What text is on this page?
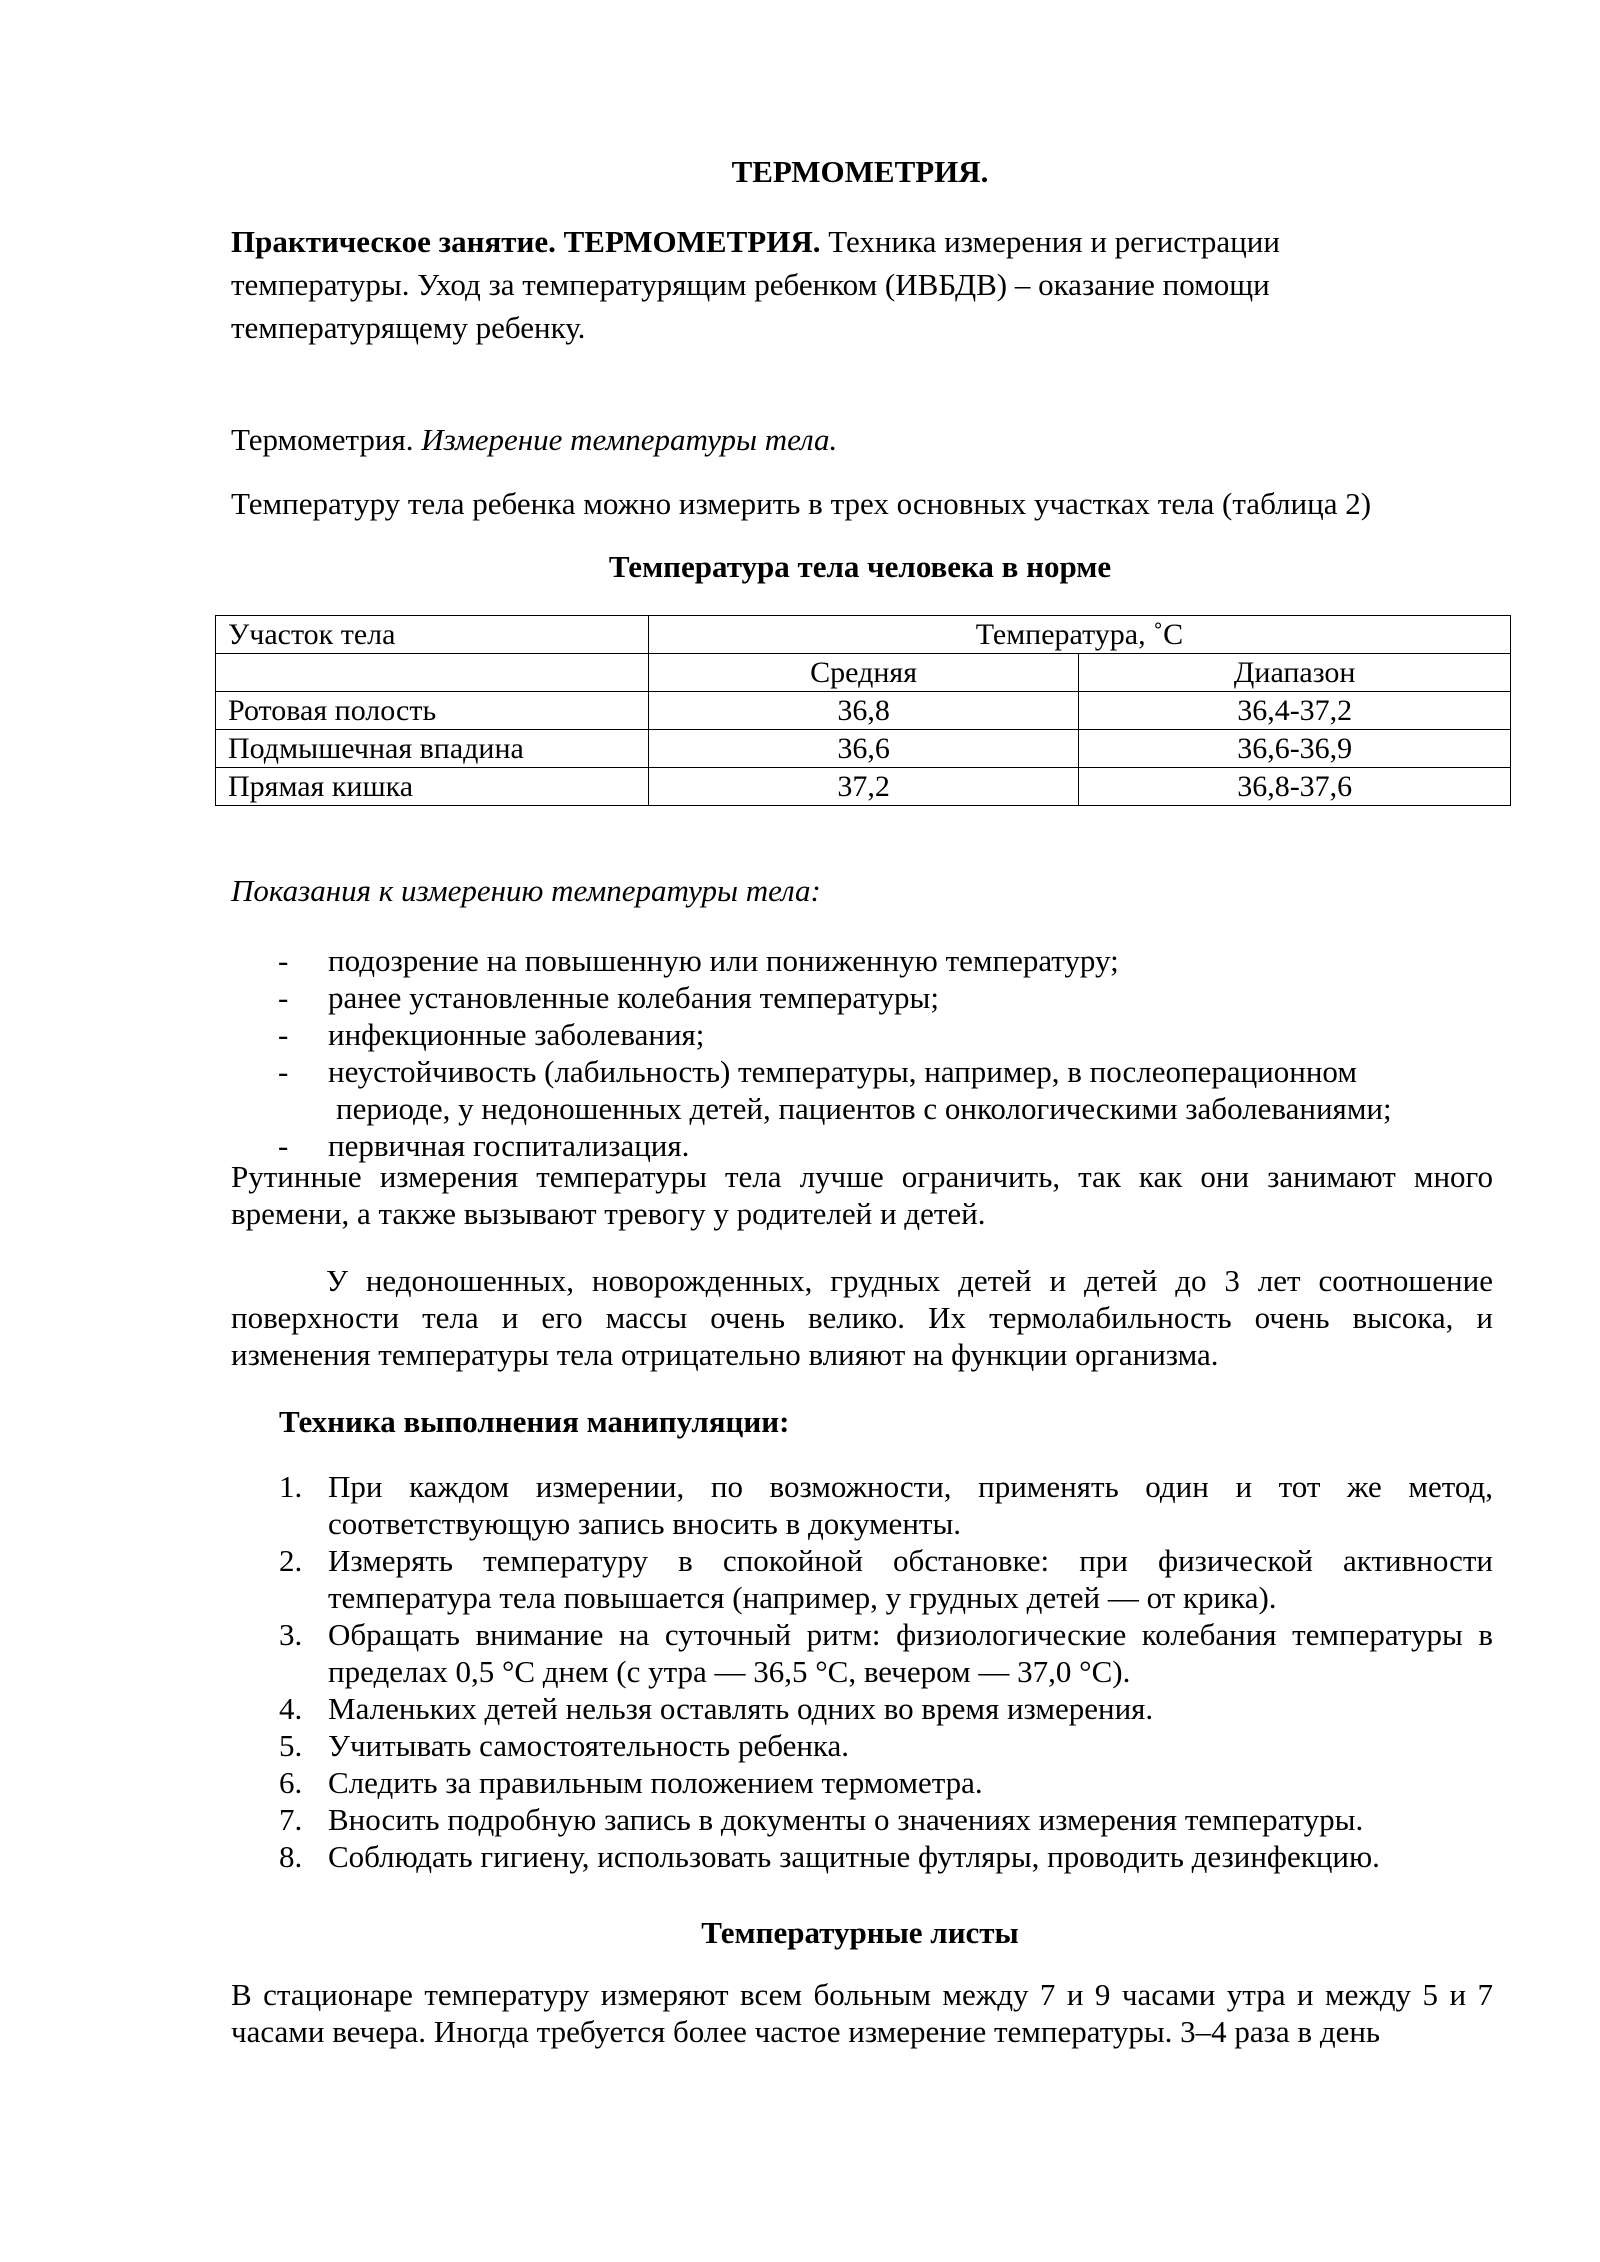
ТЕРМОМЕТРИЯ.

Практическое занятие. ТЕРМОМЕТРИЯ. Техника измерения и регистрации
температуры. Уход за температурящим ребенком (ИВБДВ) – оказание помощи
температурящему ребенку.

Термометрия. Измерение температуры тела.

Температуру тела ребенка можно измерить в трех основных участках тела (таблица 2)

Температура тела человека в норме

Участок тела	Температура, ˚С	
	Средняя	Диапазон
Ротовая полость	36,8	36,4-37,2
Подмышечная впадина	36,6	36,6-36,9
Прямая кишка	37,2	36,8-37,6

Показания к измерению температуры тела:

- подозрение на повышенную или пониженную температуру;
- ранее установленные колебания температуры;
- инфекционные заболевания;
- неустойчивость (лабильность) температуры, например, в послеоперационном
периоде, у недоношенных детей, пациентов с онкологическими заболеваниями;
- первичная госпитализация.
Рутинные измерения температуры тела лучше ограничить, так как они занимают много
времени, а также вызывают тревогу у родителей и детей.
У недоношенных, новорожденных, грудных детей и детей до 3 лет соотношение
поверхности тела и его массы очень велико. Их термолабильность очень высока, и
изменения температуры тела отрицательно влияют на функции организма.

Техника выполнения манипуляции:

1. При каждом измерении, по возможности, применять один и тот же метод,
соответствующую запись вносить в документы.
2. Измерять температуру в спокойной обстановке: при физической активности
температура тела повышается (например, у грудных детей — от крика).
3. Обращать внимание на суточный ритм: физиологические колебания температуры в
пределах 0,5 °С днем (с утра — 36,5 °С, вечером — 37,0 °С).
4. Маленьких детей нельзя оставлять одних во время измерения.
5. Учитывать самостоятельность ребенка.
6. Следить за правильным положением термометра.
7. Вносить подробную запись в документы о значениях измерения температуры.
8. Соблюдать гигиену, использовать защитные футляры, проводить дезинфекцию.

Температурные листы

В стационаре температуру измеряют всем больным между 7 и 9 часами утра и между 5 и 7
часами вечера. Иногда требуется более частое измерение температуры. 3–4 раза в день
